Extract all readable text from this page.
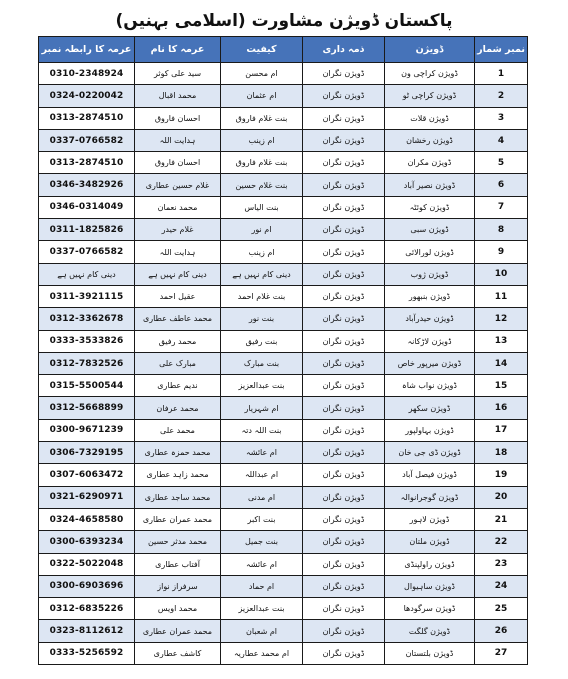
پاکستان ڈویژن مشاورت (اسلامی بہنیں)
عرمہ کا رابطہ نمبر	عرمہ کا نام	کیفیت	ذمہ داری	ڈویژن	نمبر شمار
0310-2348924	سید علی کوثر	ام محسن	ڈویژن نگران	ڈویژن کراچی ون	1
0324-0220042	محمد اقبال	ام عثمان	ڈویژن نگران	ڈویژن کراچی ٹو	2
0313-2874510	احسان فاروق	بنت غلام فاروق	ڈویژن نگران	ڈویژن قلات	3
0337-0766582	ہدایت اللہ	ام زینب	ڈویژن نگران	ڈویژن رخشان	4
0313-2874510	احسان فاروق	بنت غلام فاروق	ڈویژن نگران	ڈویژن مکران	5
0346-3482926	غلام حسین عطاری	بنت غلام حسین	ڈویژن نگران	ڈویژن نصیر آباد	6
0346-0314049	محمد نعمان	بنت الیاس	ڈویژن نگران	ڈویژن کوئٹہ	7
0311-1825826	غلام حیدر	ام نور	ڈویژن نگران	ڈویژن سبی	8
0337-0766582	ہدایت اللہ	ام زینب	ڈویژن نگران	ڈویژن لورالائی	9
دینی کام نہیں ہے	دینی کام نہیں ہے	دینی کام نہیں ہے	ڈویژن نگران	ڈویژن ژوب	10
0311-3921115	عقیل احمد	بنت غلام احمد	ڈویژن نگران	ڈویژن بنبھور	11
0312-3362678	محمد عاطف عطاری	بنت نور	ڈویژن نگران	ڈویژن حیدرآباد	12
0333-3533826	محمد رفیق	بنت رفیق	ڈویژن نگران	ڈویژن لاڑکانہ	13
0312-7832526	مبارک علی	بنت مبارک	ڈویژن نگران	ڈویژن میرپور خاص	14
0315-5500544	ندیم عطاری	بنت عبدالعزیز	ڈویژن نگران	ڈویژن نواب شاہ	15
0312-5668899	محمد عرفان	ام شہریار	ڈویژن نگران	ڈویژن سکھر	16
0300-9671239	محمد علی	بنت اللہ دتہ	ڈویژن نگران	ڈویژن بہاولپور	17
0306-7329195	محمد حمزہ عطاری	ام عائشہ	ڈویژن نگران	ڈویژن ڈی جی خان	18
0307-6063472	محمد زاہد عطاری	ام عبداللہ	ڈویژن نگران	ڈویژن فیصل آباد	19
0321-6290971	محمد ساجد عطاری	ام مدنی	ڈویژن نگران	ڈویژن گوجرانوالہ	20
0324-4658580	محمد عمران عطاری	بنت اکبر	ڈویژن نگران	ڈویژن لاہور	21
0300-6393234	محمد مدثر حسین	بنت جمیل	ڈویژن نگران	ڈویژن ملتان	22
0322-5022048	آفتاب عطاری	ام عائشہ	ڈویژن نگران	ڈویژن راولپنڈی	23
0300-6903696	سرفراز نواز	ام حماد	ڈویژن نگران	ڈویژن ساہیوال	24
0312-6835226	محمد اویس	بنت عبدالعزیز	ڈویژن نگران	ڈویژن سرگودھا	25
0323-8112612	محمد عمران عطاری	ام شعبان	ڈویژن نگران	ڈویژن گلگت	26
0333-5256592	کاشف عطاری	ام محمد عطاریہ	ڈویژن نگران	ڈویژن بلتستان	27
